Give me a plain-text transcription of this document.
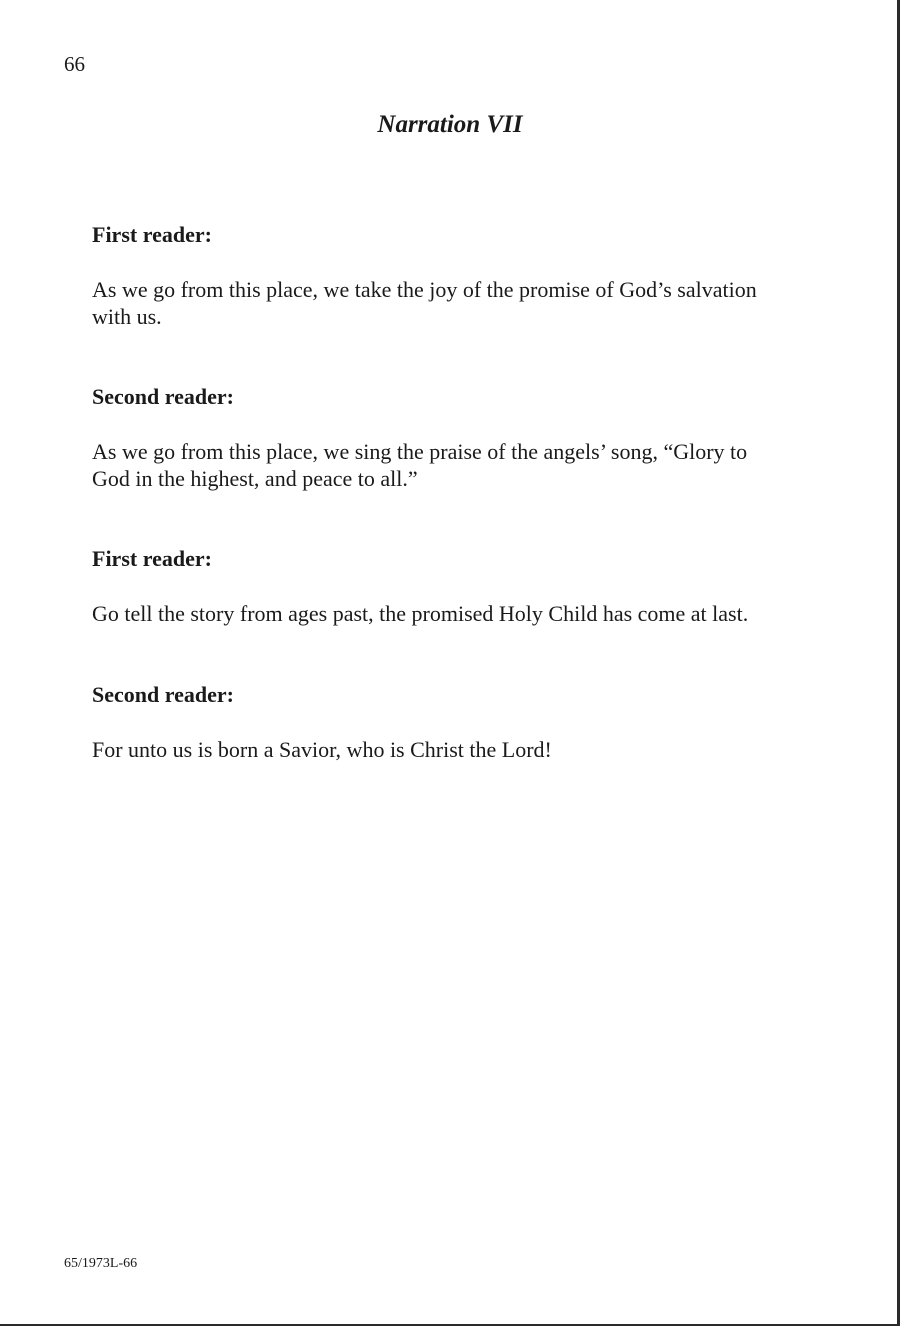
66
Narration VII
First reader:
As we go from this place, we take the joy of the promise of God’s salvation
with us.
Second reader:
As we go from this place, we sing the praise of the angels’ song, “Glory to
God in the highest, and peace to all.”
First reader:
Go tell the story from ages past, the promised Holy Child has come at last.
Second reader:
For unto us is born a Savior, who is Christ the Lord!
65/1973L-66
